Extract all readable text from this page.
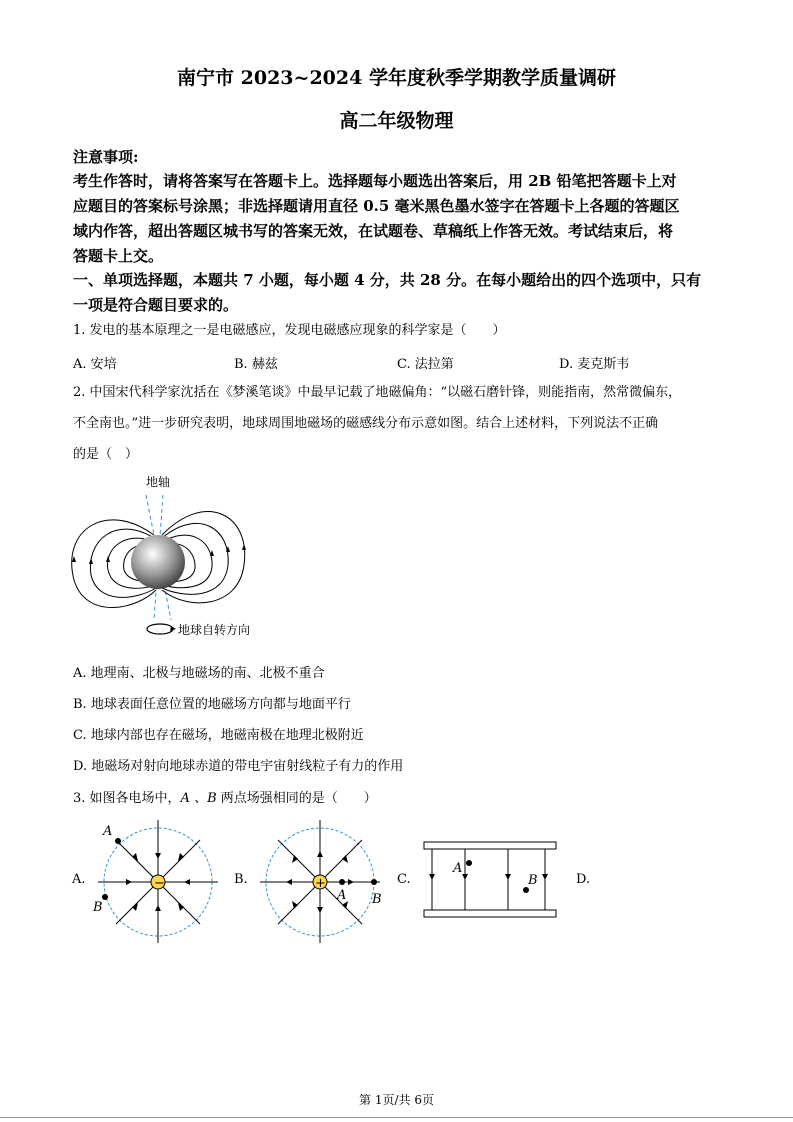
南宁市 2023~2024 学年度秋季学期教学质量调研
高二年级物理
注意事项:
考生作答时，请将答案写在答题卡上。选择题每小题选出答案后，用 2B 铅笔把答题卡上对
应题目的答案标号涂黑；非选择题请用直径 0.5 毫米黑色墨水签字在答题卡上各题的答题区
域内作答，超出答题区城书写的答案无效，在试题卷、草稿纸上作答无效。考试结束后，将
答题卡上交。
一、单项选择题，本题共 7 小题，每小题 4 分，共 28 分。在每小题给出的四个选项中，只有
一项是符合题目要求的。
1. 发电的基本原理之一是电磁感应，发现电磁感应现象的科学家是（　　）
A. 安培	B. 赫兹	C. 法拉第	D. 麦克斯韦
2. 中国宋代科学家沈括在《梦溪笔谈》中最早记载了地磁偏角：“以磁石磨针锋，则能指南，然常微偏东，
不全南也。”进一步研究表明，地球周围地磁场的磁感线分布示意如图。结合上述材料，下列说法不正确
的是（　）
地轴
地球自转方向
A. 地理南、北极与地磁场的南、北极不重合
B. 地球表面任意位置的地磁场方向都与地面平行
C. 地球内部也存在磁场，地磁南极在地理北极附近
D. 地磁场对射向地球赤道的带电宇宙射线粒子有力的作用
3. 如图各电场中，A 、B 两点场强相同的是（　　）
A.	−
A
B
B.	+
A B
C.
A
B	D.
第 1页/共 6页
